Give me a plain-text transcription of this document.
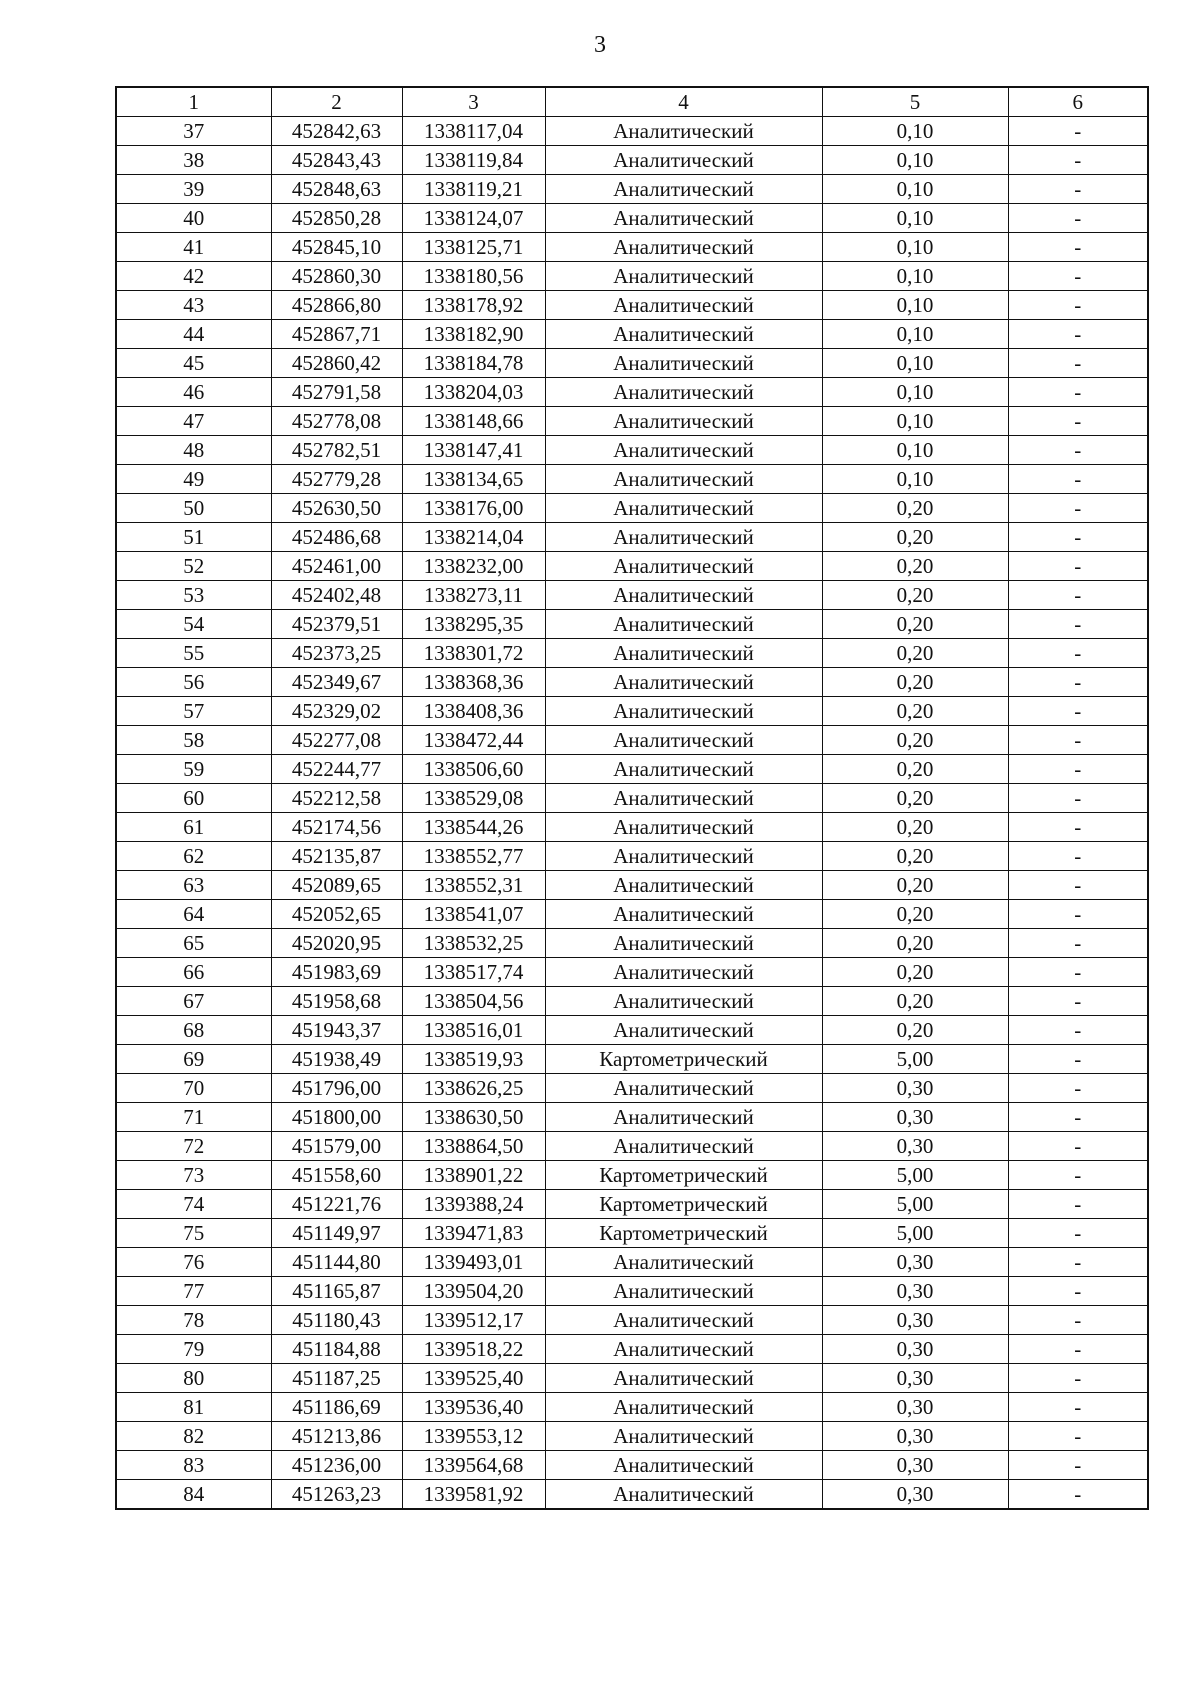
3
1	2	3	4	5	6
37	452842,63	1338117,04	Аналитический	0,10	-
38	452843,43	1338119,84	Аналитический	0,10	-
39	452848,63	1338119,21	Аналитический	0,10	-
40	452850,28	1338124,07	Аналитический	0,10	-
41	452845,10	1338125,71	Аналитический	0,10	-
42	452860,30	1338180,56	Аналитический	0,10	-
43	452866,80	1338178,92	Аналитический	0,10	-
44	452867,71	1338182,90	Аналитический	0,10	-
45	452860,42	1338184,78	Аналитический	0,10	-
46	452791,58	1338204,03	Аналитический	0,10	-
47	452778,08	1338148,66	Аналитический	0,10	-
48	452782,51	1338147,41	Аналитический	0,10	-
49	452779,28	1338134,65	Аналитический	0,10	-
50	452630,50	1338176,00	Аналитический	0,20	-
51	452486,68	1338214,04	Аналитический	0,20	-
52	452461,00	1338232,00	Аналитический	0,20	-
53	452402,48	1338273,11	Аналитический	0,20	-
54	452379,51	1338295,35	Аналитический	0,20	-
55	452373,25	1338301,72	Аналитический	0,20	-
56	452349,67	1338368,36	Аналитический	0,20	-
57	452329,02	1338408,36	Аналитический	0,20	-
58	452277,08	1338472,44	Аналитический	0,20	-
59	452244,77	1338506,60	Аналитический	0,20	-
60	452212,58	1338529,08	Аналитический	0,20	-
61	452174,56	1338544,26	Аналитический	0,20	-
62	452135,87	1338552,77	Аналитический	0,20	-
63	452089,65	1338552,31	Аналитический	0,20	-
64	452052,65	1338541,07	Аналитический	0,20	-
65	452020,95	1338532,25	Аналитический	0,20	-
66	451983,69	1338517,74	Аналитический	0,20	-
67	451958,68	1338504,56	Аналитический	0,20	-
68	451943,37	1338516,01	Аналитический	0,20	-
69	451938,49	1338519,93	Картометрический	5,00	-
70	451796,00	1338626,25	Аналитический	0,30	-
71	451800,00	1338630,50	Аналитический	0,30	-
72	451579,00	1338864,50	Аналитический	0,30	-
73	451558,60	1338901,22	Картометрический	5,00	-
74	451221,76	1339388,24	Картометрический	5,00	-
75	451149,97	1339471,83	Картометрический	5,00	-
76	451144,80	1339493,01	Аналитический	0,30	-
77	451165,87	1339504,20	Аналитический	0,30	-
78	451180,43	1339512,17	Аналитический	0,30	-
79	451184,88	1339518,22	Аналитический	0,30	-
80	451187,25	1339525,40	Аналитический	0,30	-
81	451186,69	1339536,40	Аналитический	0,30	-
82	451213,86	1339553,12	Аналитический	0,30	-
83	451236,00	1339564,68	Аналитический	0,30	-
84	451263,23	1339581,92	Аналитический	0,30	-
